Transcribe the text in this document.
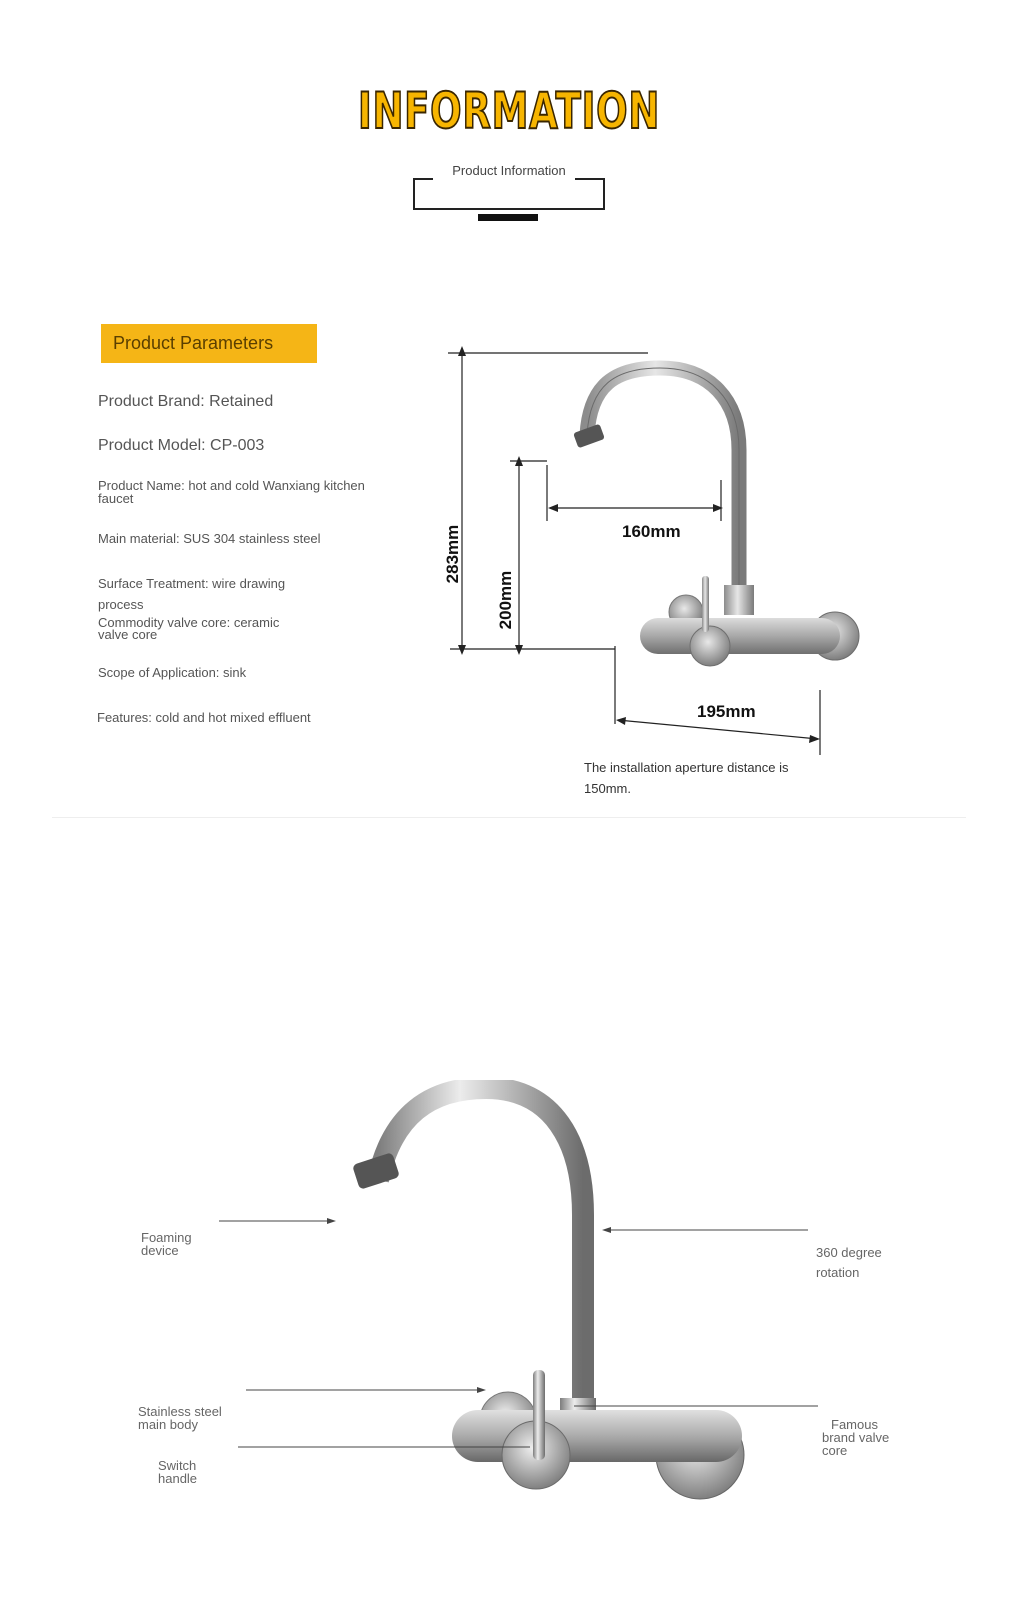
INFORMATION
Product Information
Product Parameters
Product Brand: Retained
Product Model: CP-003
Product Name: hot and cold Wanxiang kitchen
faucet
Main material: SUS 304 stainless steel
Surface Treatment: wire drawing
process
Commodity valve core: ceramic
valve core
Scope of Application: sink
Features: cold and hot mixed effluent
283mm
200mm
160mm
195mm
The installation aperture distance is
150mm.
Foaming
device	360 degree
rotation
Stainless steel
main body	Famous
brand valve
core
Switch
handle
